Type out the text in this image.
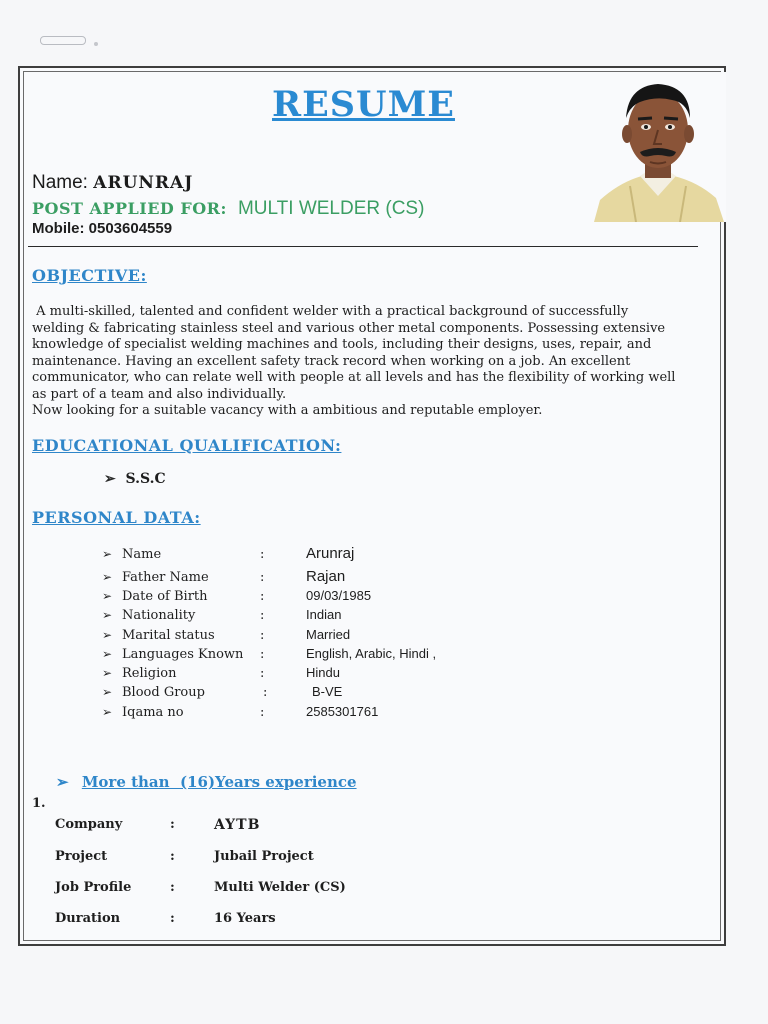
RESUME
Name: ARUNRAJ
POST APPLIED FOR: MULTI WELDER (CS)
Mobile: 0503604559
OBJECTIVE:

A multi-skilled, talented and confident welder with a practical background of successfully

welding & fabricating stainless steel and various other metal components. Possessing extensive

knowledge of specialist welding machines and tools, including their designs, uses, repair, and

maintenance. Having an excellent safety track record when working on a job. An excellent

communicator, who can relate well with people at all levels and has the flexibility of working well

as part of a team and also individually.

Now looking for a suitable vacancy with a ambitious and reputable employer.

EDUCATIONAL QUALIFICATION:
➢ S.S.C
PERSONAL DATA:
➢ Name	:	Arunraj
➢ Father Name	:	Rajan
➢ Date of Birth	:	09/03/1985
➢ Nationality	:	Indian
➢ Marital status	:	Married
➢ Languages Known	:	English, Arabic, Hindi ,
➢ Religion	:	Hindu
➢ Blood Group	:	B-VE
➢ Iqama no	:	2585301761
➢ More than  (16)Years experience
1.
Company	:	AYTB
Project	:	Jubail Project
Job Profile	:	Multi Welder (CS)
Duration	:	16 Years
